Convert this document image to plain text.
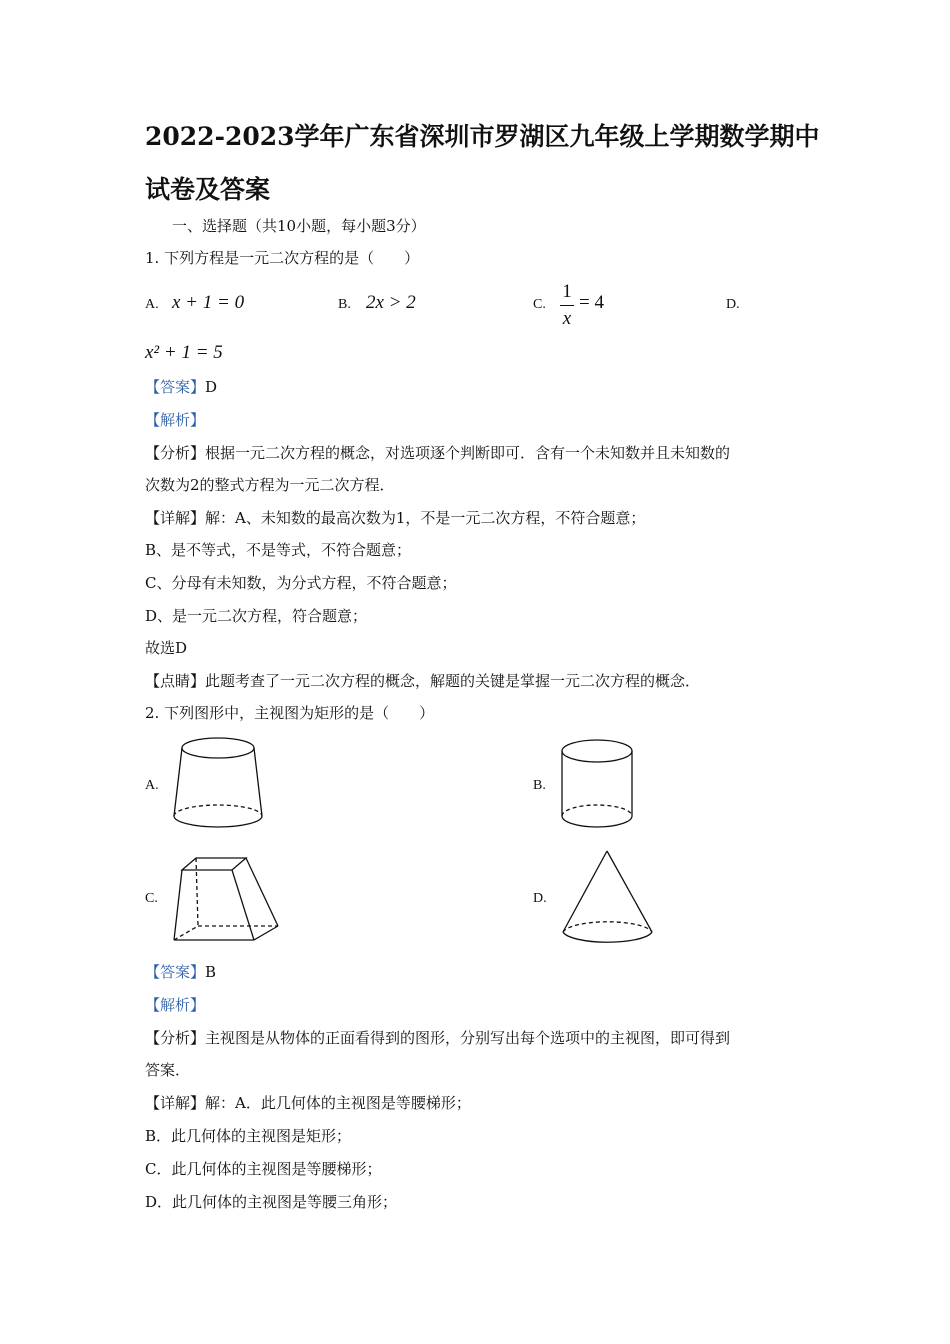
2022-2023学年广东省深圳市罗湖区九年级上学期数学期中
试卷及答案
一、选择题（共10小题，每小题3分）
1. 下列方程是一元二次方程的是（　　）
A. x + 1 = 0	B. 2x > 2	C.
1
x
= 4	D.
x² + 1 = 5
【答案】D
【解析】
【分析】根据一元二次方程的概念，对选项逐个判断即可．含有一个未知数并且未知数的
次数为2的整式方程为一元二次方程．
【详解】解：A、未知数的最高次数为1，不是一元二次方程，不符合题意；
B、是不等式，不是等式，不符合题意；
C、分母有未知数，为分式方程，不符合题意；
D、是一元二次方程，符合题意；
故选D
【点睛】此题考查了一元二次方程的概念，解题的关键是掌握一元二次方程的概念．
2. 下列图形中，主视图为矩形的是（　　）
A.	B.
C.	D.
【答案】B
【解析】
【分析】主视图是从物体的正面看得到的图形，分别写出每个选项中的主视图，即可得到
答案．
【详解】解：A．此几何体的主视图是等腰梯形；
B．此几何体的主视图是矩形；
C．此几何体的主视图是等腰梯形；
D．此几何体的主视图是等腰三角形；
